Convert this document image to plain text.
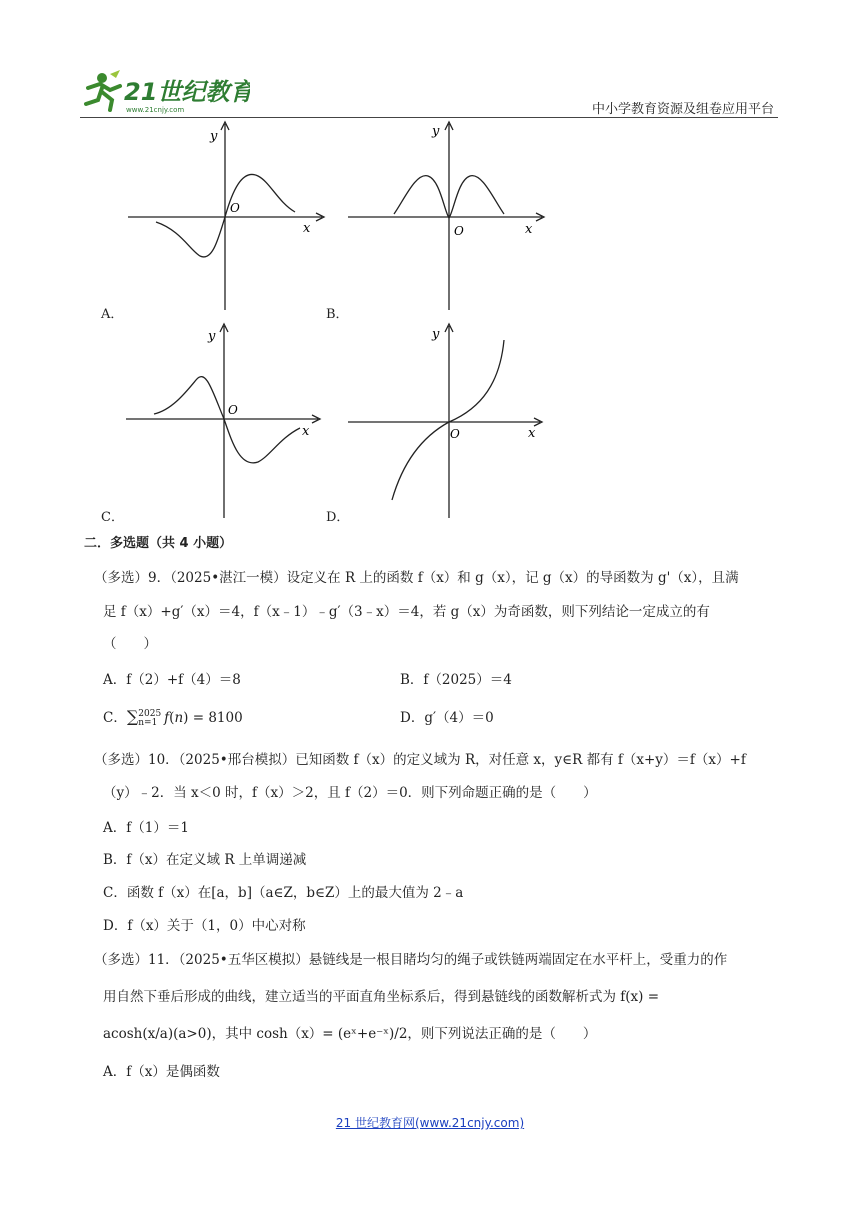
21世纪教育
www.21cnjy.com	中小学教育资源及组卷应用平台
y
x
O
A．
y
x
O
B．
y
x
O
C．
y
x
O
D．
二．多选题（共 4 小题）
（多选）9．（2025•湛江一模）设定义在 R 上的函数 f（x）和 g（x），记 g（x）的导函数为 g'（x），且满
足 f（x）+g′（x）＝4，f（x﹣1）﹣g′（3﹣x）＝4，若 g（x）为奇函数，则下列结论一定成立的有
（　　）
A．f（2）+f（4）＝8	B．f（2025）＝4
C．∑2025
n=1 f(n) = 8100	D．g′（4）＝0
（多选）10．（2025•邢台模拟）已知函数 f（x）的定义域为 R，对任意 x，y∈R 都有 f（x+y）＝f（x）+f
（y）﹣2．当 x＜0 时，f（x）＞2，且 f（2）＝0．则下列命题正确的是（　　）
A．f（1）＝1
B．f（x）在定义域 R 上单调递减
C．函数 f（x）在[a，b]（a∈Z，b∈Z）上的最大值为 2﹣a
D．f（x）关于（1，0）中心对称
（多选）11．（2025•五华区模拟）悬链线是一根目睹均匀的绳子或铁链两端固定在水平杆上，受重力的作
用自然下垂后形成的曲线，建立适当的平面直角坐标系后，得到悬链线的函数解析式为 f(x) =
acosh(x/a)(a>0)，其中 cosh（x）= (eˣ+e⁻ˣ)/2，则下列说法正确的是（　　）
A．f（x）是偶函数
21 世纪教育网(www.21cnjy.com)
